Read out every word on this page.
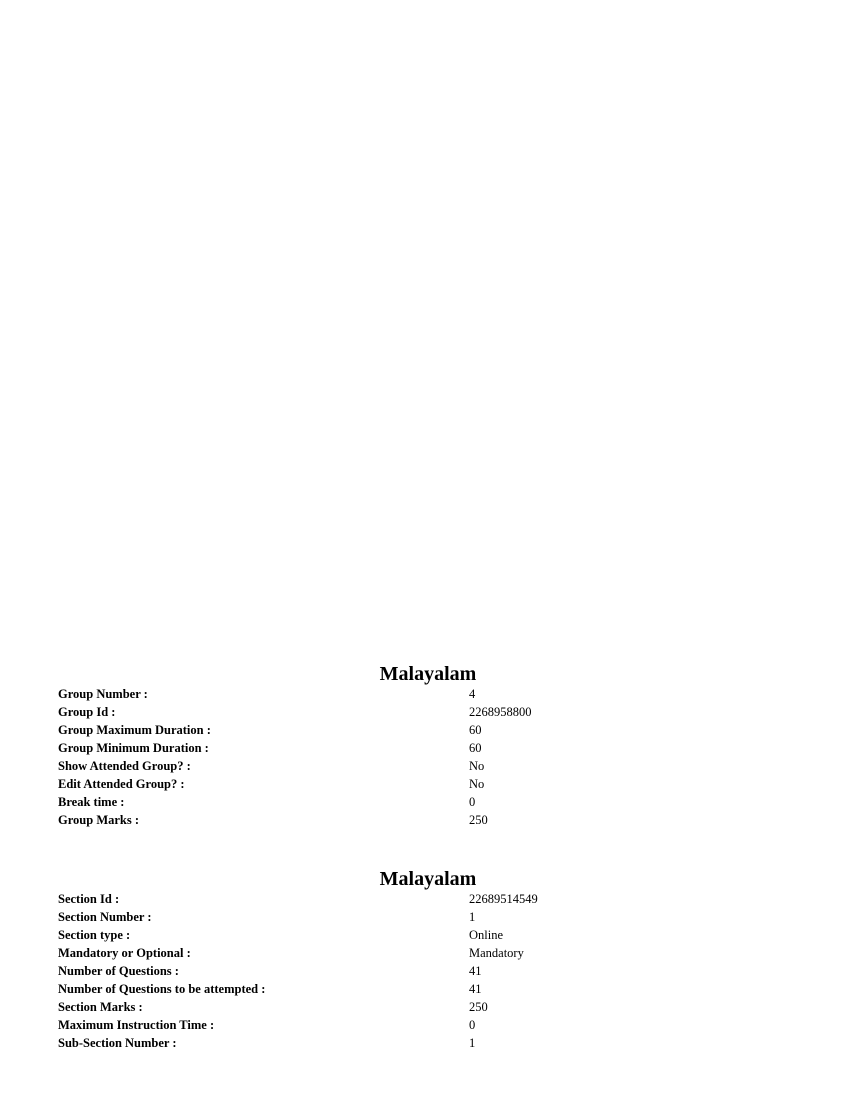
Malayalam
Group Number :	4
Group Id :	2268958800
Group Maximum Duration :	60
Group Minimum Duration :	60
Show Attended Group? :	No
Edit Attended Group? :	No
Break time :	0
Group Marks :	250
Malayalam
Section Id :	22689514549
Section Number :	1
Section type :	Online
Mandatory or Optional :	Mandatory
Number of Questions :	41
Number of Questions to be attempted :	41
Section Marks :	250
Maximum Instruction Time :	0
Sub-Section Number :	1
